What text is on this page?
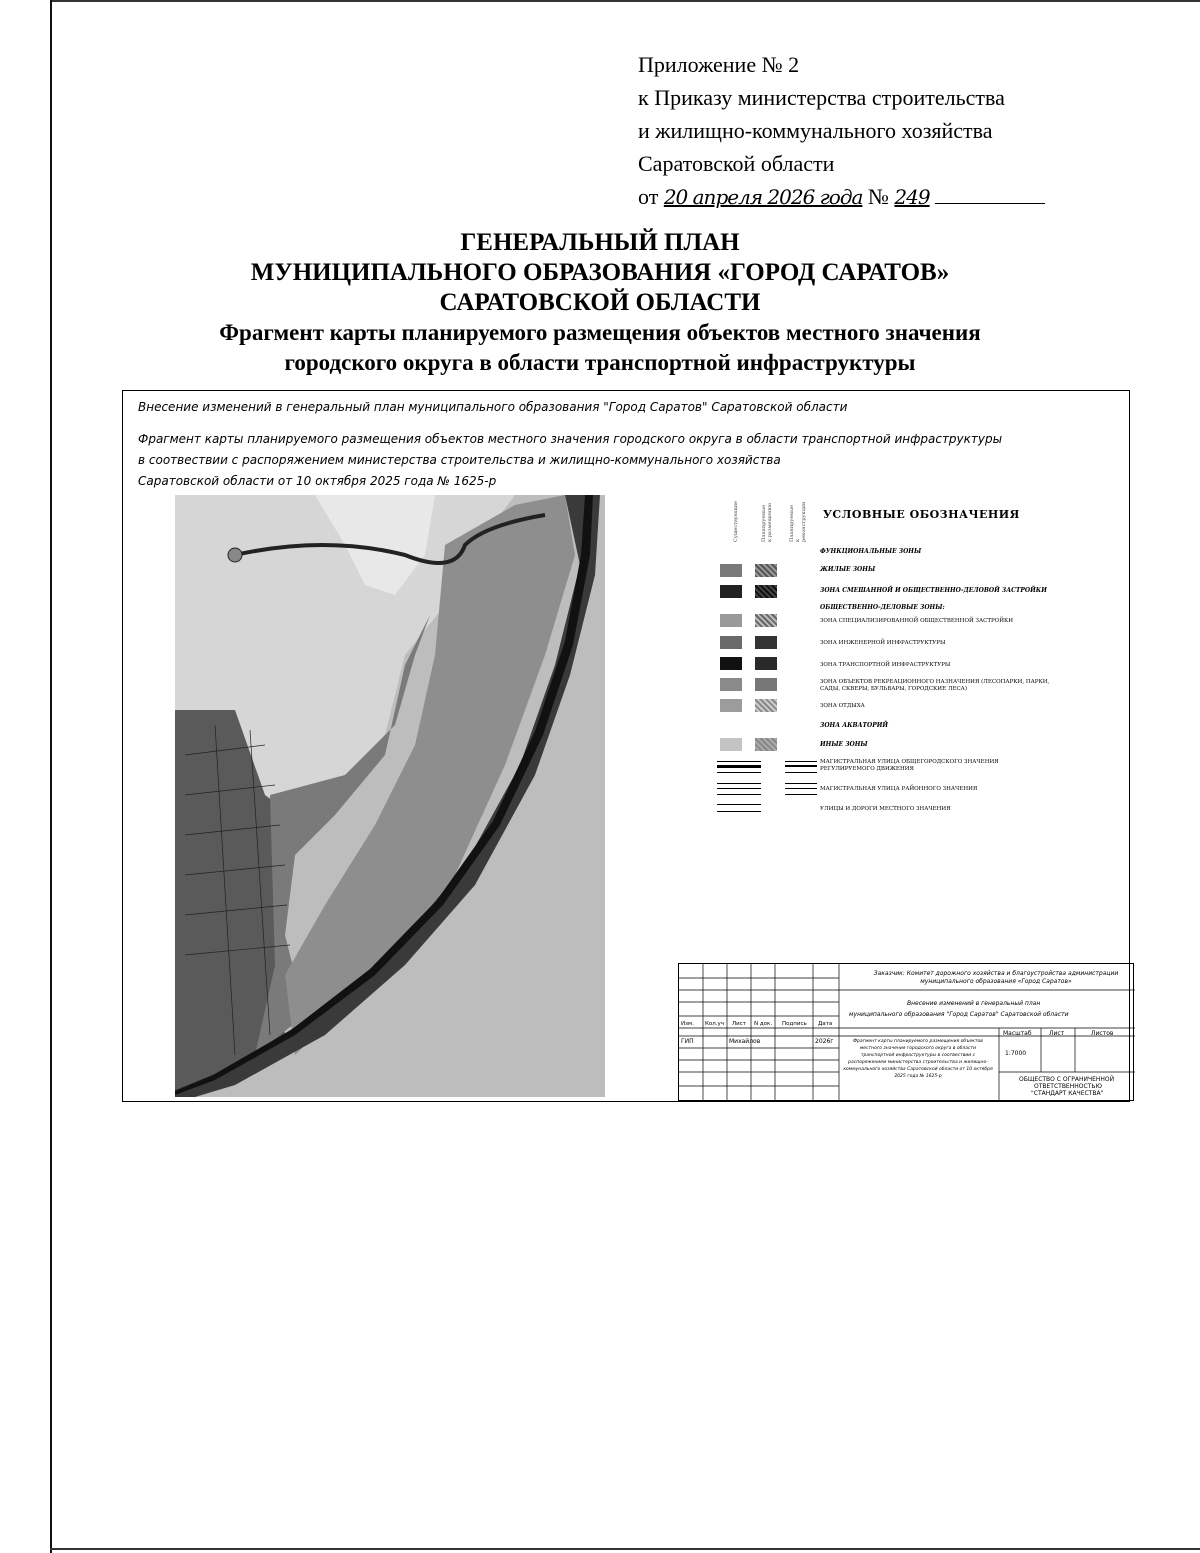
Приложение № 2
к Приказу министерства строительства
и жилищно-коммунального хозяйства
Саратовской области
от 20 апреля 2026 года № 249
ГЕНЕРАЛЬНЫЙ ПЛАН
МУНИЦИПАЛЬНОГО ОБРАЗОВАНИЯ «ГОРОД САРАТОВ»
САРАТОВСКОЙ ОБЛАСТИ
Фрагмент карты планируемого размещения объектов местного значения
городского округа в области транспортной инфраструктуры
Внесение изменений в генеральный план муниципального образования "Город Саратов" Саратовской области
Фрагмент карты планируемого размещения объектов местного значения городского округа в области транспортной инфраструктуры
в соотвествии с распоряжением министерства строительства и жилищно-коммунального хозяйства
Саратовской области от 10 октября 2025 года № 1625-р
Существующие	Планируемые к размещению	Планируемые к реконструкции УСЛОВНЫЕ ОБОЗНАЧЕНИЯ
ФУНКЦИОНАЛЬНЫЕ ЗОНЫ
ЖИЛЫЕ ЗОНЫ
ЗОНА СМЕШАННОЙ И ОБЩЕСТВЕННО-ДЕЛОВОЙ ЗАСТРОЙКИ
ОБЩЕСТВЕННО-ДЕЛОВЫЕ ЗОНЫ:
ЗОНА СПЕЦИАЛИЗИРОВАННОЙ ОБЩЕСТВЕННОЙ ЗАСТРОЙКИ
ЗОНА ИНЖЕНЕРНОЙ ИНФРАСТРУКТУРЫ
ЗОНА ТРАНСПОРТНОЙ ИНФРАСТРУКТУРЫ
ЗОНА ОБЪЕКТОВ РЕКРЕАЦИОННОГО НАЗНАЧЕНИЯ (ЛЕСОПАРКИ, ПАРКИ, САДЫ, СКВЕРЫ, БУЛЬВАРЫ, ГОРОДСКИЕ ЛЕСА)
ЗОНА ОТДЫХА
ЗОНА АКВАТОРИЙ
ИНЫЕ ЗОНЫ
МАГИСТРАЛЬНАЯ УЛИЦА ОБЩЕГОРОДСКОГО ЗНАЧЕНИЯ РЕГУЛИРУЕМОГО ДВИЖЕНИЯ
МАГИСТРАЛЬНАЯ УЛИЦА РАЙОННОГО ЗНАЧЕНИЯ
УЛИЦЫ И ДОРОГИ МЕСТНОГО ЗНАЧЕНИЯ
Заказчик: Комитет дорожного хозяйства и благоустройства администрации муниципального образования «Город Саратов»
Внесение изменений в генеральный план
муниципального образования "Город Саратов" Саратовской области
Изм. Кол.уч Лист N док. Подпись Дата
ГИП	Михайлов	2026г	Фрагмент карты планируемого размещения объектов местного значения городского округа в области транспортной инфраструктуры в соотвествии с распоряжением министерства строительства и жилищно-коммунального хозяйства Саратовской области от 10 октября 2025 года № 1625-р
Масштаб	Лист	Листов
1:7000
ОБЩЕСТВО С ОГРАНИЧЕННОЙ
ОТВЕТСТВЕННОСТЬЮ
"СТАНДАРТ КАЧЕСТВА"
